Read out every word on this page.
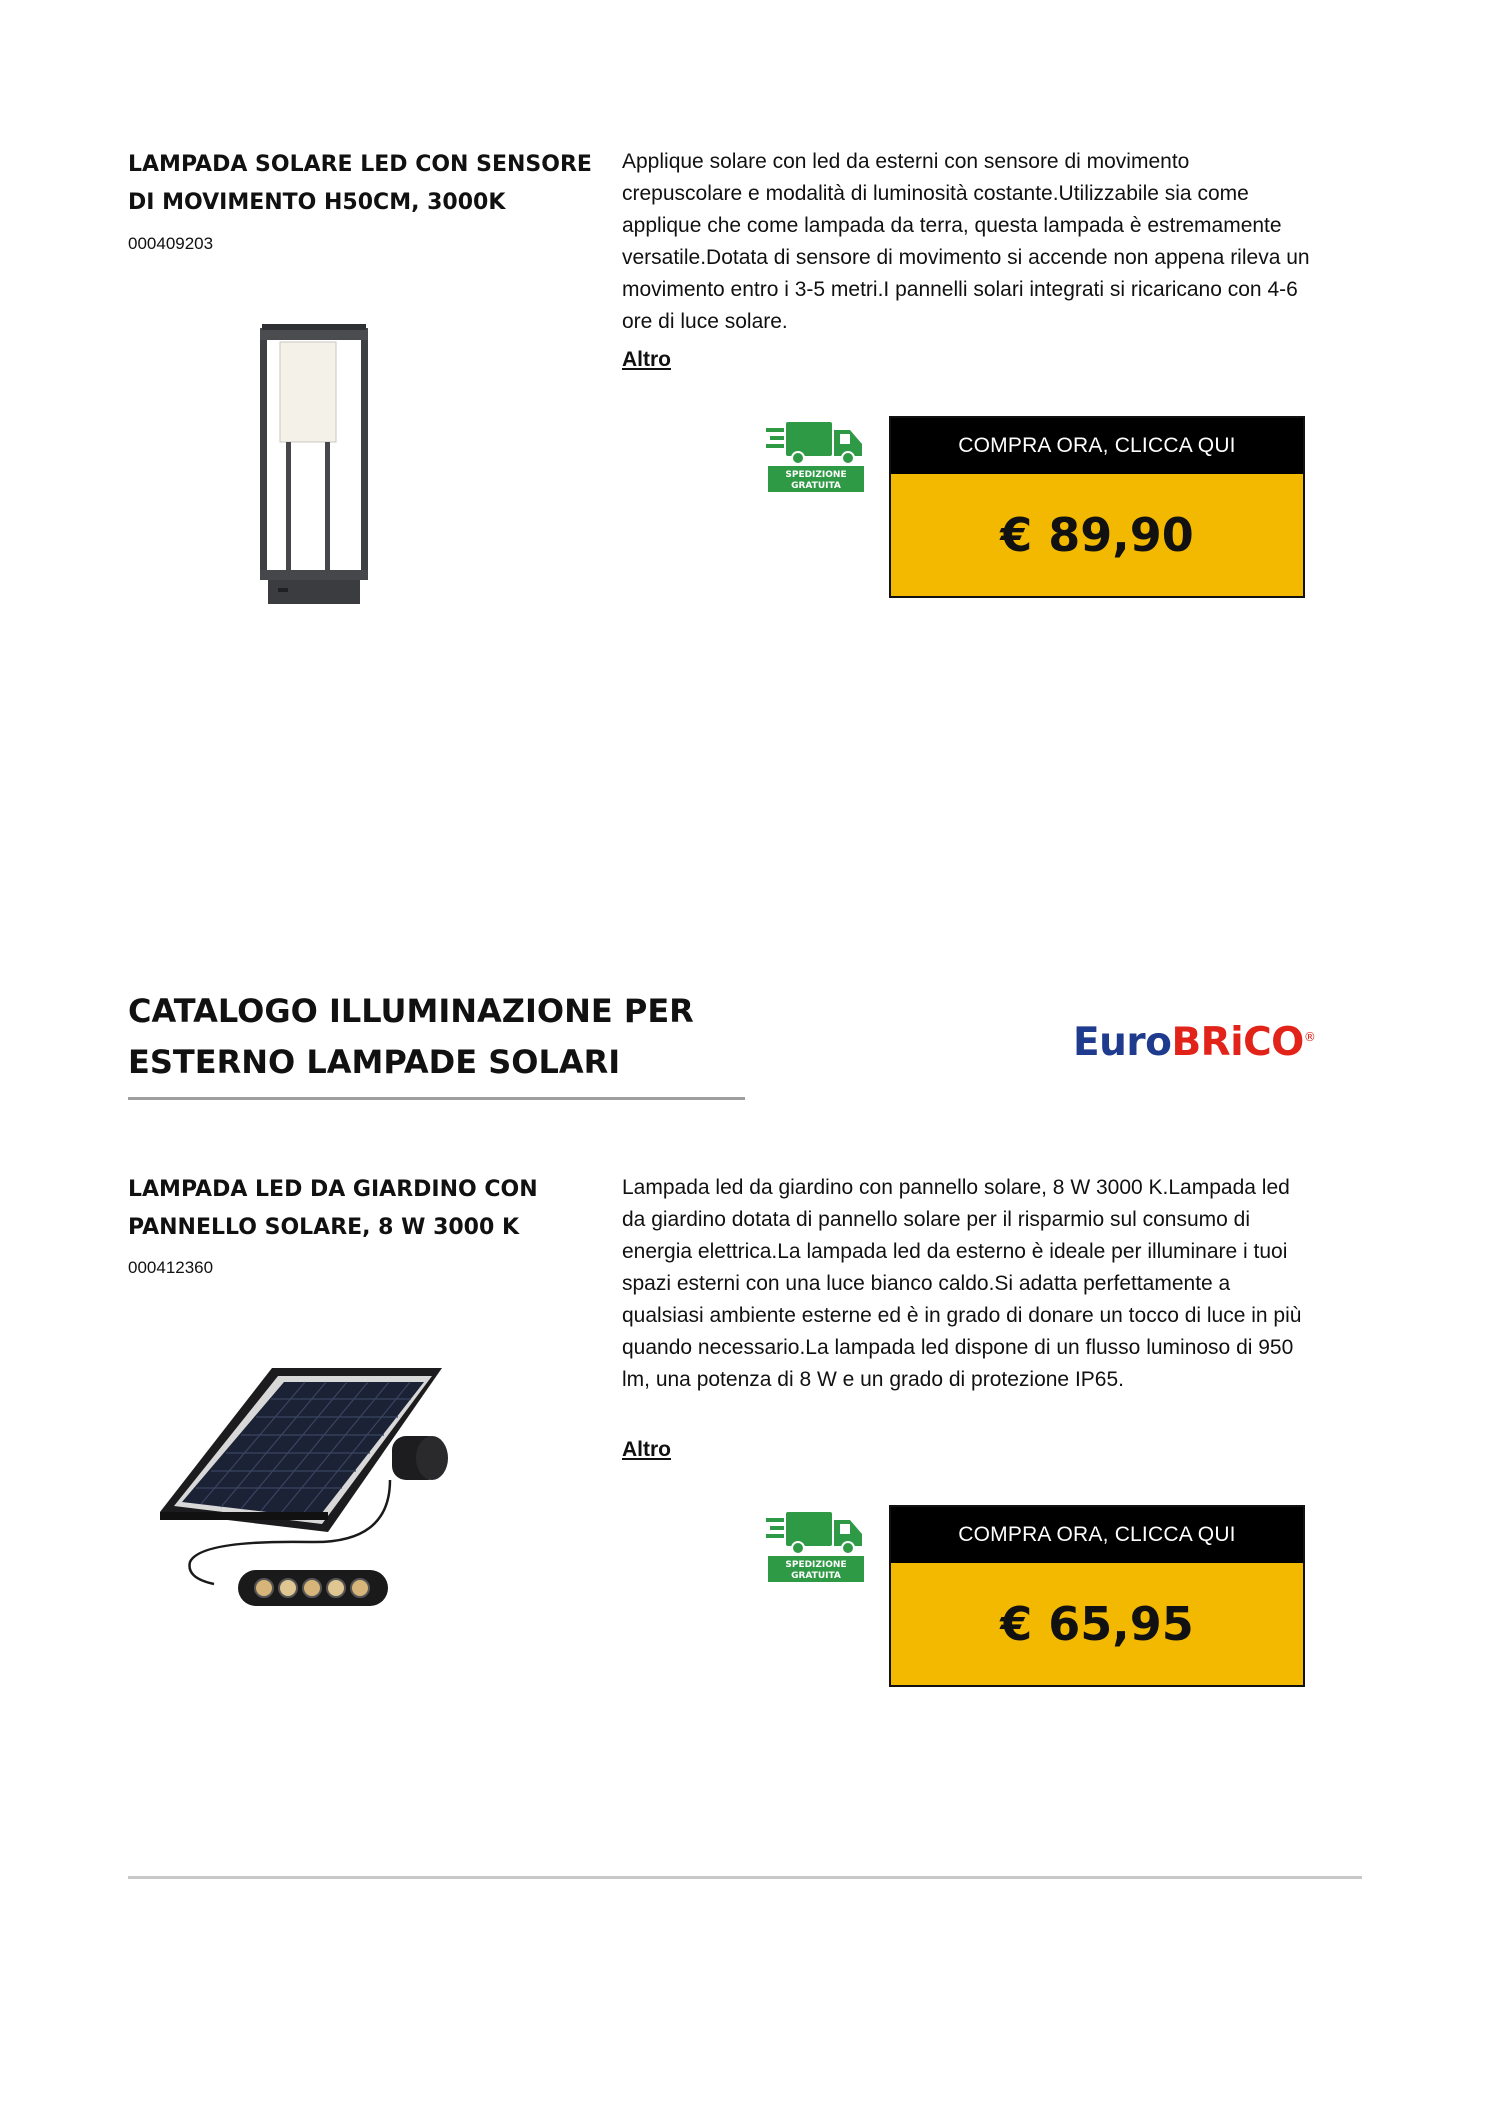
LAMPADA SOLARE LED CON SENSORE

DI MOVIMENTO H50CM, 3000K

000409203

Applique solare con led da esterni con sensore di movimento crepuscolare e modalità di luminosità costante.Utilizzabile sia come applique che come lampada da terra, questa lampada è estremamente versatile.Dotata di sensore di movimento si accende non appena rileva un movimento entro i 3-5 metri.I pannelli solari integrati si ricaricano con 4-6 ore di luce solare.

Altro
SPEDIZIONE
GRATUITA
COMPRA ORA, CLICCA QUI
€ 89,90

CATALOGO ILLUMINAZIONE PER

ESTERNO LAMPADE SOLARI	EuroBRiCO®

LAMPADA LED DA GIARDINO CON

PANNELLO SOLARE, 8 W 3000 K

000412360

Lampada led da giardino con pannello solare, 8 W 3000 K.Lampada led da giardino dotata di pannello solare per il risparmio sul consumo di energia elettrica.La lampada led da esterno è ideale per illuminare i tuoi spazi esterni con una luce bianco caldo.Si adatta perfettamente a qualsiasi ambiente esterne ed è in grado di donare un tocco di luce in più quando necessario.La lampada led dispone di un flusso luminoso di 950 lm, una potenza di 8 W e un grado di protezione IP65.

Altro
SPEDIZIONE
GRATUITA
COMPRA ORA, CLICCA QUI
€ 65,95
